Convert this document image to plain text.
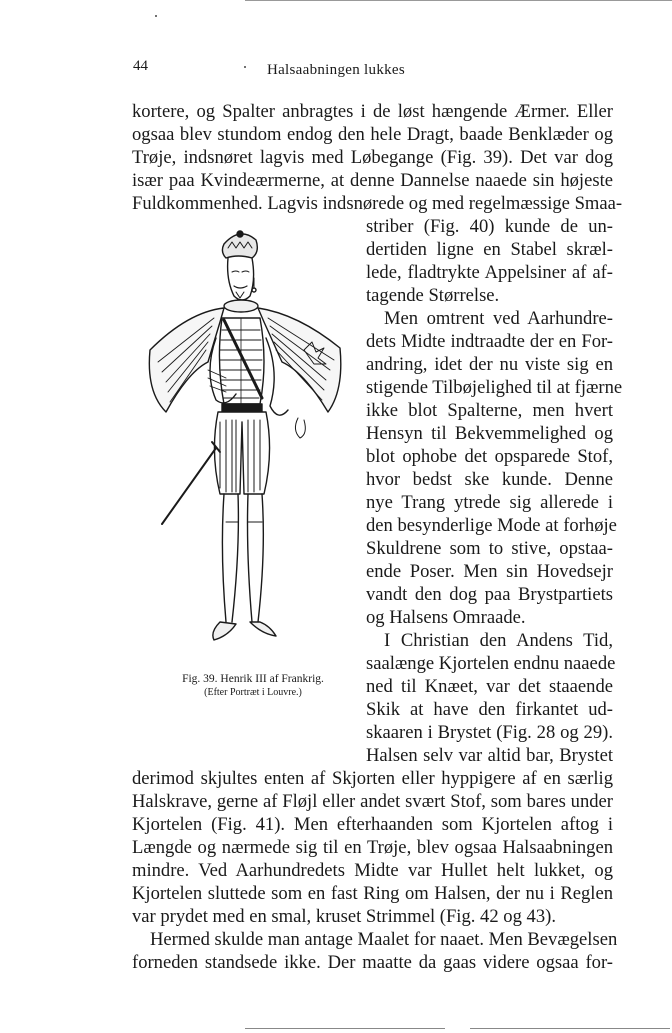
44	Halsaabningen lukkes
kortere, og Spalter anbragtes i de løst hængende Ærmer. Eller
ogsaa blev stundom endog den hele Dragt, baade Benklæder og
Trøje, indsnøret lagvis med Løbegange (Fig. 39). Det var dog
især paa Kvindeærmerne, at denne Dannelse naaede sin højeste
Fuldkommenhed. Lagvis indsnørede og med regelmæssige Smaa-
striber (Fig. 40) kunde de un-
dertiden ligne en Stabel skræl-
lede, fladtrykte Appelsiner af af-
tagende Størrelse.
Men omtrent ved Aarhundre-
dets Midte indtraadte der en For-
andring, idet der nu viste sig en
stigende Tilbøjelighed til at fjærne
ikke blot Spalterne, men hvert
Hensyn til Bekvemmelighed og
blot ophobe det opsparede Stof,
hvor bedst ske kunde. Denne
nye Trang ytrede sig allerede i
den besynderlige Mode at forhøje
Skuldrene som to stive, opstaa-
ende Poser. Men sin Hovedsejr
vandt den dog paa Brystpartiets
og Halsens Omraade.
I Christian den Andens Tid,
saalænge Kjortelen endnu naaede
ned til Knæet, var det staaende
Skik at have den firkantet ud-
skaaren i Brystet (Fig. 28 og 29).
Halsen selv var altid bar, Brystet
derimod skjultes enten af Skjorten eller hyppigere af en særlig
Halskrave, gerne af Fløjl eller andet svært Stof, som bares under
Kjortelen (Fig. 41). Men efterhaanden som Kjortelen aftog i
Længde og nærmede sig til en Trøje, blev ogsaa Halsaabningen
mindre. Ved Aarhundredets Midte var Hullet helt lukket, og
Kjortelen sluttede som en fast Ring om Halsen, der nu i Reglen
var prydet med en smal, kruset Strimmel (Fig. 42 og 43).
Hermed skulde man antage Maalet for naaet. Men Bevægelsen
forneden standsede ikke. Der maatte da gaas videre ogsaa for-
Fig. 39. Henrik III af Frankrig.
(Efter Portræt i Louvre.)
